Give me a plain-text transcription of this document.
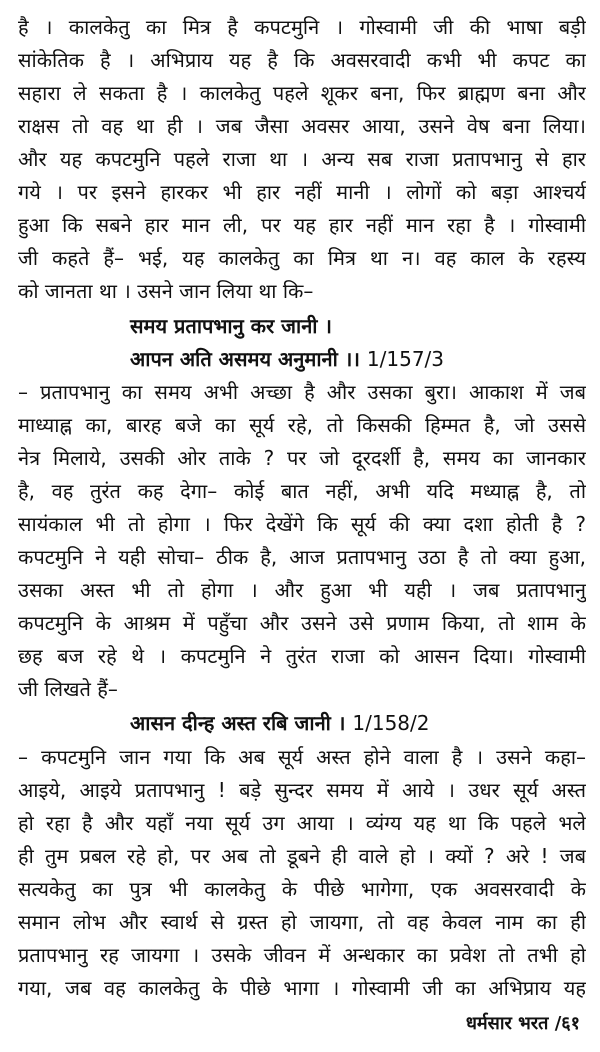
है । कालकेतु का मित्र है कपटमुनि । गोस्वामी जी की भाषा बड़ी
सांकेतिक है । अभिप्राय यह है कि अवसरवादी कभी भी कपट का
सहारा ले सकता है । कालकेतु पहले शूकर बना, फिर ब्राह्मण बना और
राक्षस तो वह था ही । जब जैसा अवसर आया, उसने वेष बना लिया।
और यह कपटमुनि पहले राजा था । अन्य सब राजा प्रतापभानु से हार
गये । पर इसने हारकर भी हार नहीं मानी । लोगों को बड़ा आश्चर्य
हुआ कि सबने हार मान ली, पर यह हार नहीं मान रहा है । गोस्वामी
जी कहते हैं– भई, यह कालकेतु का मित्र था न। वह काल के रहस्य
को जानता था । उसने जान लिया था कि–
समय प्रतापभानु कर जानी ।
आपन अति असमय अनुमानी ।। 1/157/3
– प्रतापभानु का समय अभी अच्छा है और उसका बुरा। आकाश में जब
माध्याह्न का, बारह बजे का सूर्य रहे, तो किसकी हिम्मत है, जो उससे
नेत्र मिलाये, उसकी ओर ताके ? पर जो दूरदर्शी है, समय का जानकार
है, वह तुरंत कह देगा– कोई बात नहीं, अभी यदि मध्याह्न है, तो
सायंकाल भी तो होगा । फिर देखेंगे कि सूर्य की क्या दशा होती है ?
कपटमुनि ने यही सोचा– ठीक है, आज प्रतापभानु उठा है तो क्या हुआ,
उसका अस्त भी तो होगा । और हुआ भी यही । जब प्रतापभानु
कपटमुनि के आश्रम में पहुँचा और उसने उसे प्रणाम किया, तो शाम के
छह बज रहे थे । कपटमुनि ने तुरंत राजा को आसन दिया। गोस्वामी
जी लिखते हैं–
आसन दीन्ह अस्त रबि जानी । 1/158/2
– कपटमुनि जान गया कि अब सूर्य अस्त होने वाला है । उसने कहा–
आइये, आइये प्रतापभानु ! बड़े सुन्दर समय में आये । उधर सूर्य अस्त
हो रहा है और यहाँ नया सूर्य उग आया । व्यंग्य यह था कि पहले भले
ही तुम प्रबल रहे हो, पर अब तो डूबने ही वाले हो । क्यों ? अरे ! जब
सत्यकेतु का पुत्र भी कालकेतु के पीछे भागेगा, एक अवसरवादी के
समान लोभ और स्वार्थ से ग्रस्त हो जायगा, तो वह केवल नाम का ही
प्रतापभानु रह जायगा । उसके जीवन में अन्धकार का प्रवेश तो तभी हो
गया, जब वह कालकेतु के पीछे भागा । गोस्वामी जी का अभिप्राय यह
धर्मसार भरत /६१
